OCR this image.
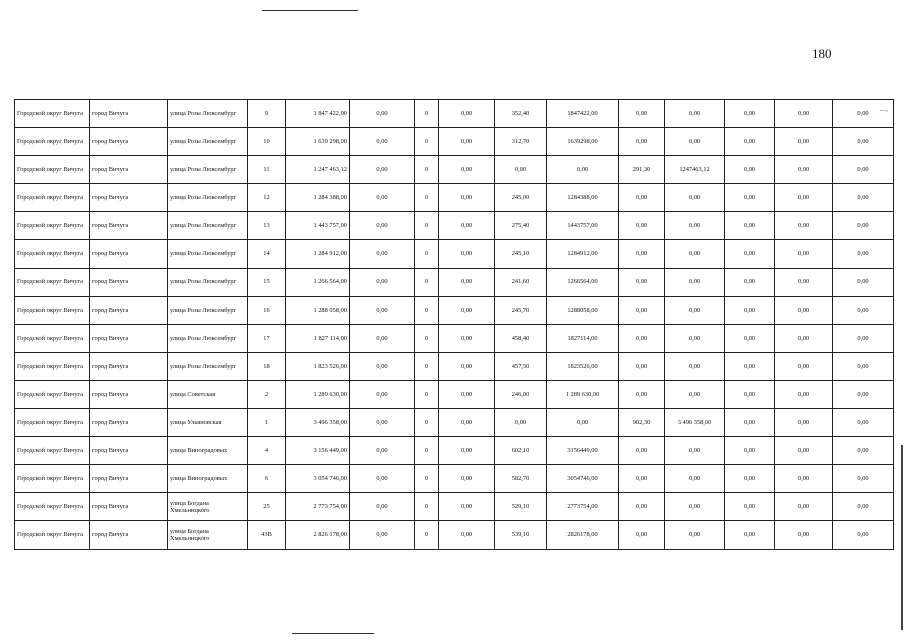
180
Городской округ Вичуга	город Вичуга	улица Розы Люксембург	9	1 847 422,00	0,00	0	0,00	352,40	1847422,00	0,00	0,00	0,00	0,00	0,00
Городской округ Вичуга	город Вичуга	улица Розы Люксембург	10	1 639 298,00	0,00	0	0,00	312,70	1639298,00	0,00	0,00	0,00	0,00	0,00
Городской округ Вичуга	город Вичуга	улица Розы Люксембург	11	1 247 463,12	0,00	0	0,00	0,00	0,00	291,30	1247463,12	0,00	0,00	0,00
Городской округ Вичуга	город Вичуга	улица Розы Люксембург	12	1 284 388,00	0,00	0	0,00	245,00	1284388,00	0,00	0,00	0,00	0,00	0,00
Городской округ Вичуга	город Вичуга	улица Розы Люксембург	13	1 443 757,00	0,00	0	0,00	275,40	1443757,00	0,00	0,00	0,00	0,00	0,00
Городской округ Вичуга	город Вичуга	улица Розы Люксембург	14	1 284 912,00	0,00	0	0,00	245,10	1284912,00	0,00	0,00	0,00	0,00	0,00
Городской округ Вичуга	город Вичуга	улица Розы Люксембург	15	1 266 564,00	0,00	0	0,00	241,60	1266564,00	0,00	0,00	0,00	0,00	0,00
Городской округ Вичуга	город Вичуга	улица Розы Люксембург	16	1 288 058,00	0,00	0	0,00	245,70	1288058,00	0,00	0,00	0,00	0,00	0,00
Городской округ Вичуга	город Вичуга	улица Розы Люксембург	17	1 827 114,00	0,00	0	0,00	458,40	1827114,00	0,00	0,00	0,00	0,00	0,00
Городской округ Вичуга	город Вичуга	улица Розы Люксембург	18	1 823 526,00	0,00	0	0,00	457,50	1823526,00	0,00	0,00	0,00	0,00	0,00
Городской округ Вичуга	город Вичуга	улица Советская	2	1 289 630,00	0,00	0	0,00	246,00	1 289 630,00	0,00	0,00	0,00	0,00	0,00
Городской округ Вичуга	город Вичуга	улица Ульяновская	1	3 496 358,00	0,00	0	0,00	0,00	0,00	902,30	3 496 358,00	0,00	0,00	0,00
Городской округ Вичуга	город Вичуга	улица Виноградовых	4	3 156 449,00	0,00	0	0,00	602,10	3156449,00	0,00	0,00	0,00	0,00	0,00
Городской округ Вичуга	город Вичуга	улица Виноградовых	6	3 054 746,00	0,00	0	0,00	582,70	3054746,00	0,00	0,00	0,00	0,00	0,00
Городской округ Вичуга	город Вичуга	улица Богдана Хмельницкого	25	2 773 754,00	0,00	0	0,00	529,10	2773754,00	0,00	0,00	0,00	0,00	0,00
Городской округ Вичуга	город Вичуга	улица Богдана Хмельницкого	43В	2 826 178,00	0,00	0	0,00	539,10	2826178,00	0,00	0,00	0,00	0,00	0,00
—›
